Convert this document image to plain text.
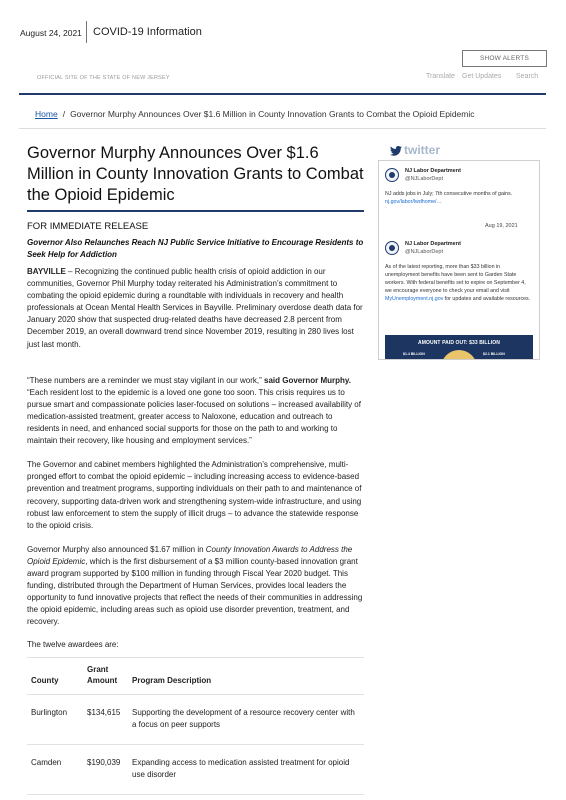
August 24, 2021 COVID-19 Information
SHOW ALERTS
OFFICIAL SITE OF THE STATE OF NEW JERSEY	Translate Get Updates Search
Home / Governor Murphy Announces Over $1.6 Million in County Innovation Grants to Combat the Opioid Epidemic
Governor Murphy Announces Over $1.6 Million in County Innovation Grants to Combat the Opioid Epidemic
FOR IMMEDIATE RELEASE
Governor Also Relaunches Reach NJ Public Service Initiative to Encourage Residents to Seek Help for Addiction

BAYVILLE – Recognizing the continued public health crisis of opioid addiction in our communities, Governor Phil Murphy today reiterated his Administration’s commitment to combating the opioid epidemic during a roundtable with individuals in recovery and health professionals at Ocean Mental Health Services in Bayville. Preliminary overdose death data for January 2020 show that suspected drug-related deaths have decreased 2.8 percent from December 2019, an overall downward trend since November 2019, resulting in 280 lives lost just last month.

“These numbers are a reminder we must stay vigilant in our work,” said Governor Murphy. “Each resident lost to the epidemic is a loved one gone too soon. This crisis requires us to pursue smart and compassionate policies laser-focused on solutions – increased availability of medication-assisted treatment, greater access to Naloxone, education and outreach to residents in need, and enhanced social supports for those on the path to and working to maintain their recovery, like housing and employment services.”

The Governor and cabinet members highlighted the Administration’s comprehensive, multi-pronged effort to combat the opioid epidemic – including increasing access to evidence-based prevention and treatment programs, supporting individuals on their path to and maintenance of recovery, supporting data-driven work and strengthening system-wide infrastructure, and using robust law enforcement to stem the supply of illicit drugs – to advance the statewide response to the opioid crisis.

Governor Murphy also announced $1.67 million in County Innovation Awards to Address the Opioid Epidemic, which is the first disbursement of a $3 million county-based innovation grant award program supported by $100 million in funding through Fiscal Year 2020 budget. This funding, distributed through the Department of Human Services, provides local leaders the opportunity to fund innovative projects that reflect the needs of their communities in addressing the opioid epidemic, including areas such as opioid use disorder prevention, treatment, and recovery.

The twelve awardees are:

County	Grant Amount	Program Description
Burlington	$134,615	Supporting the development of a resource recovery center with a focus on peer supports
Camden	$190,039	Expanding access to medication assisted treatment for opioid use disorder
twitter
NJ Labor Department
@NJLaborDept
NJ adds jobs in July; 7th consecutive months of gains. nj.gov/labor/lwdhome/…
Aug 19, 2021
NJ Labor Department
@NJLaborDept
As of the latest reporting, more than $33 billion in unemployment benefits have been sent to Garden State workers. With federal benefits set to expire on September 4, we encourage everyone to check your email and visit MyUnemployment.nj.gov for updates and available resources.
AMOUNT PAID OUT: $33 BILLION
$1.4 BILLION	$2.1 BILLION
